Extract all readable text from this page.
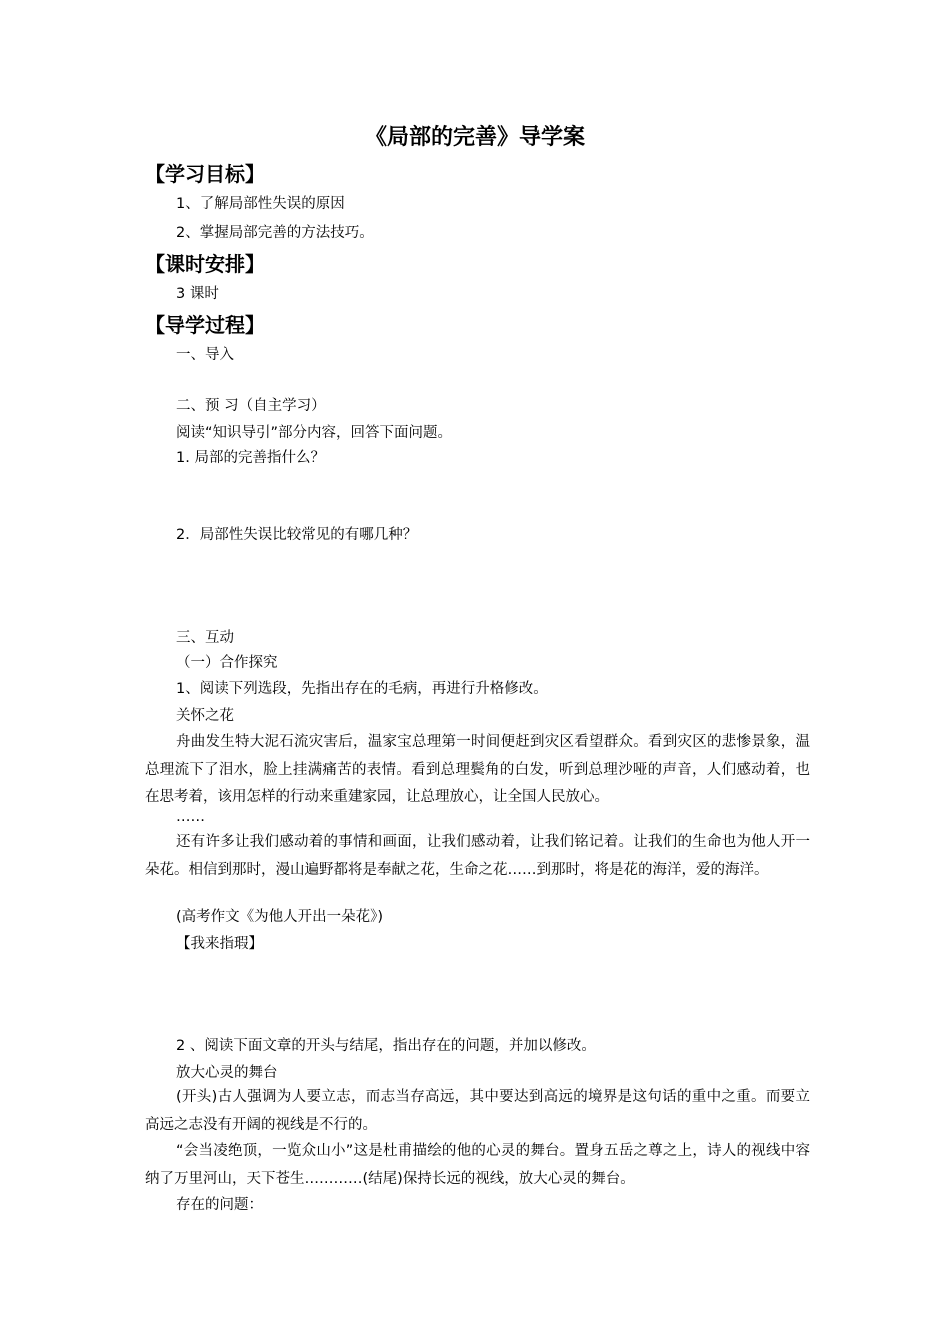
《局部的完善》导学案
【学习目标】
1、了解局部性失误的原因
2、掌握局部完善的方法技巧。
【课时安排】
3 课时
【导学过程】
一、导入
二、预 习（自主学习）
阅读“知识导引”部分内容，回答下面问题。
1. 局部的完善指什么？
2．局部性失误比较常见的有哪几种？
三、互动
（一）合作探究
1、阅读下列选段，先指出存在的毛病，再进行升格修改。
关怀之花
舟曲发生特大泥石流灾害后，温家宝总理第一时间便赶到灾区看望群众。看到灾区的悲惨景象，温总理流下了泪水，脸上挂满痛苦的表情。看到总理鬓角的白发，听到总理沙哑的声音，人们感动着，也在思考着，该用怎样的行动来重建家园，让总理放心，让全国人民放心。
……
还有许多让我们感动着的事情和画面，让我们感动着，让我们铭记着。让我们的生命也为他人开一朵花。相信到那时，漫山遍野都将是奉献之花，生命之花……到那时，将是花的海洋，爱的海洋。
(高考作文《为他人开出一朵花》)
【我来指瑕】
2 、阅读下面文章的开头与结尾，指出存在的问题，并加以修改。
放大心灵的舞台
(开头)古人强调为人要立志，而志当存高远，其中要达到高远的境界是这句话的重中之重。而要立高远之志没有开阔的视线是不行的。
“会当凌绝顶，一览众山小”这是杜甫描绘的他的心灵的舞台。置身五岳之尊之上，诗人的视线中容纳了万里河山，天下苍生…………(结尾)保持长远的视线，放大心灵的舞台。
存在的问题：
